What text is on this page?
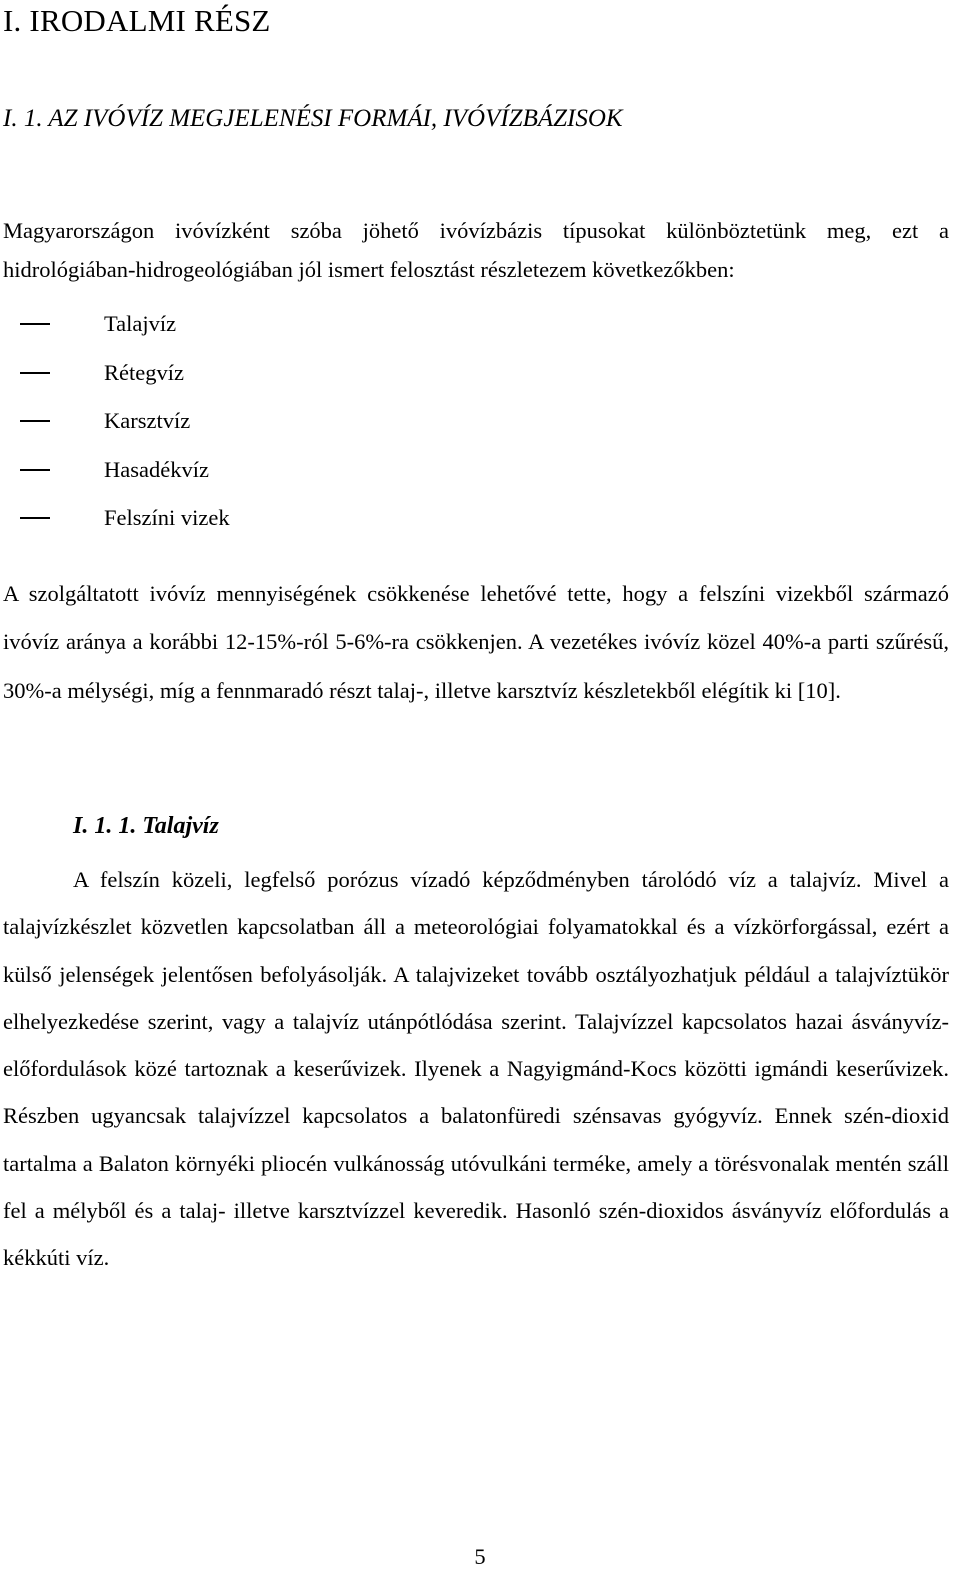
I. IRODALMI RÉSZ
I. 1. AZ IVÓVÍZ MEGJELENÉSI FORMÁI, IVÓVÍZBÁZISOK

Magyarországon ivóvízként szóba jöhető ivóvízbázis típusokat különböztetünk meg, ezt a hidrológiában-hidrogeológiában jól ismert felosztást részletezem következőkben:

Talajvíz
Rétegvíz
Karsztvíz
Hasadékvíz
Felszíni vizek

A szolgáltatott ivóvíz mennyiségének csökkenése lehetővé tette, hogy a felszíni vizekből származó ivóvíz aránya a korábbi 12-15%-ról 5-6%-ra csökkenjen. A vezetékes ivóvíz közel 40%-a parti szűrésű, 30%-a mélységi, míg a fennmaradó részt talaj-, illetve karsztvíz készletekből elégítik ki [10].

I. 1. 1. Talajvíz

A felszín közeli, legfelső porózus vízadó képződményben tárolódó víz a talajvíz. Mivel a talajvízkészlet közvetlen kapcsolatban áll a meteorológiai folyamatokkal és a vízkörforgással, ezért a külső jelenségek jelentősen befolyásolják. A talajvizeket tovább osztályozhatjuk például a talajvíztükör elhelyezkedése szerint, vagy a talajvíz utánpótlódása szerint. Talajvízzel kapcsolatos hazai ásványvíz-előfordulások közé tartoznak a keserűvizek. Ilyenek a Nagyigmánd-Kocs közötti igmándi keserűvizek. Részben ugyancsak talajvízzel kapcsolatos a balatonfüredi szénsavas gyógyvíz. Ennek szén-dioxid tartalma a Balaton környéki pliocén vulkánosság utóvulkáni terméke, amely a törésvonalak mentén száll fel a mélyből és a talaj- illetve karsztvízzel keveredik. Hasonló szén-dioxidos ásványvíz előfordulás a kékkúti víz.

5
